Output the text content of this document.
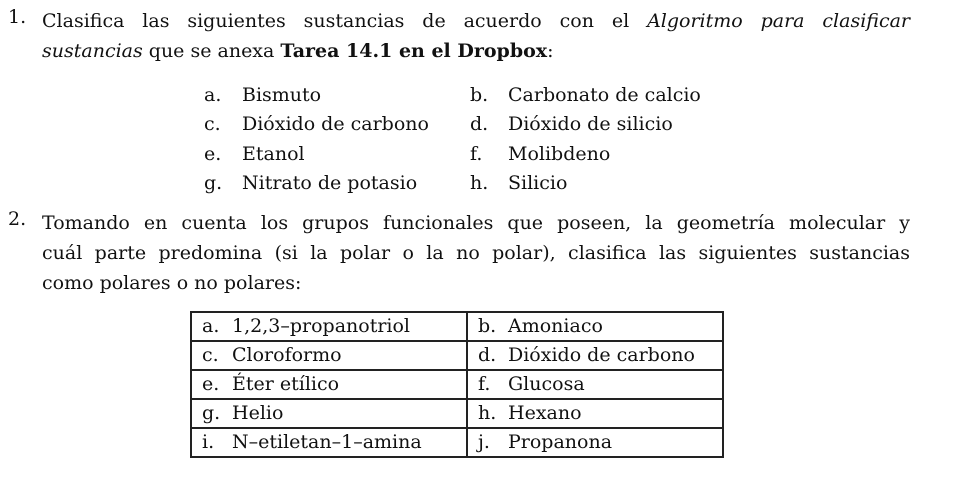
1. Clasifica las siguientes sustancias de acuerdo con el Algoritmo para clasificar
sustancias que se anexa Tarea 14.1 en el Dropbox:
a. Bismuto	b. Carbonato de calcio
c. Dióxido de carbono d. Dióxido de silicio
e. Etanol	f. Molibdeno
g. Nitrato de potasio	h. Silicio
2. Tomando en cuenta los grupos funcionales que poseen, la geometría molecular y
cuál parte predomina (si la polar o la no polar), clasifica las siguientes sustancias
como polares o no polares:
a. 1,2,3–propanotriol	b. Amoniaco
c. Cloroformo	d. Dióxido de carbono
e. Éter etílico	f. Glucosa
g. Helio	h. Hexano
i. N–etiletan–1–amina	j. Propanona
